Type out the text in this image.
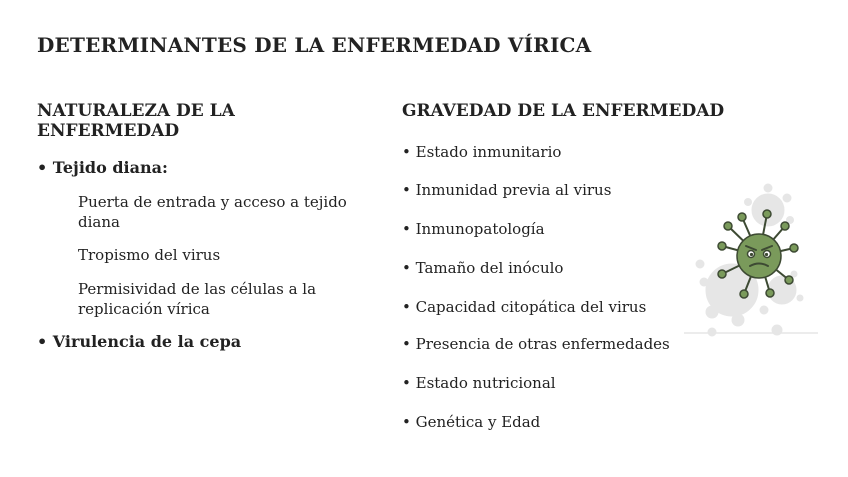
DETERMINANTES DE LA ENFERMEDAD VÍRICA
NATURALEZA DE LA ENFERMEDAD
• Tejido diana:
Puerta de entrada y acceso a tejido diana
Tropismo del virus
Permisividad de las células a la replicación vírica
• Virulencia de la cepa
GRAVEDAD DE LA ENFERMEDAD
• Estado inmunitario
• Inmunidad previa al virus
• Inmunopatología
• Tamaño del inóculo
• Capacidad citopática del virus
• Presencia de otras enfermedades
• Estado nutricional
• Genética y Edad
